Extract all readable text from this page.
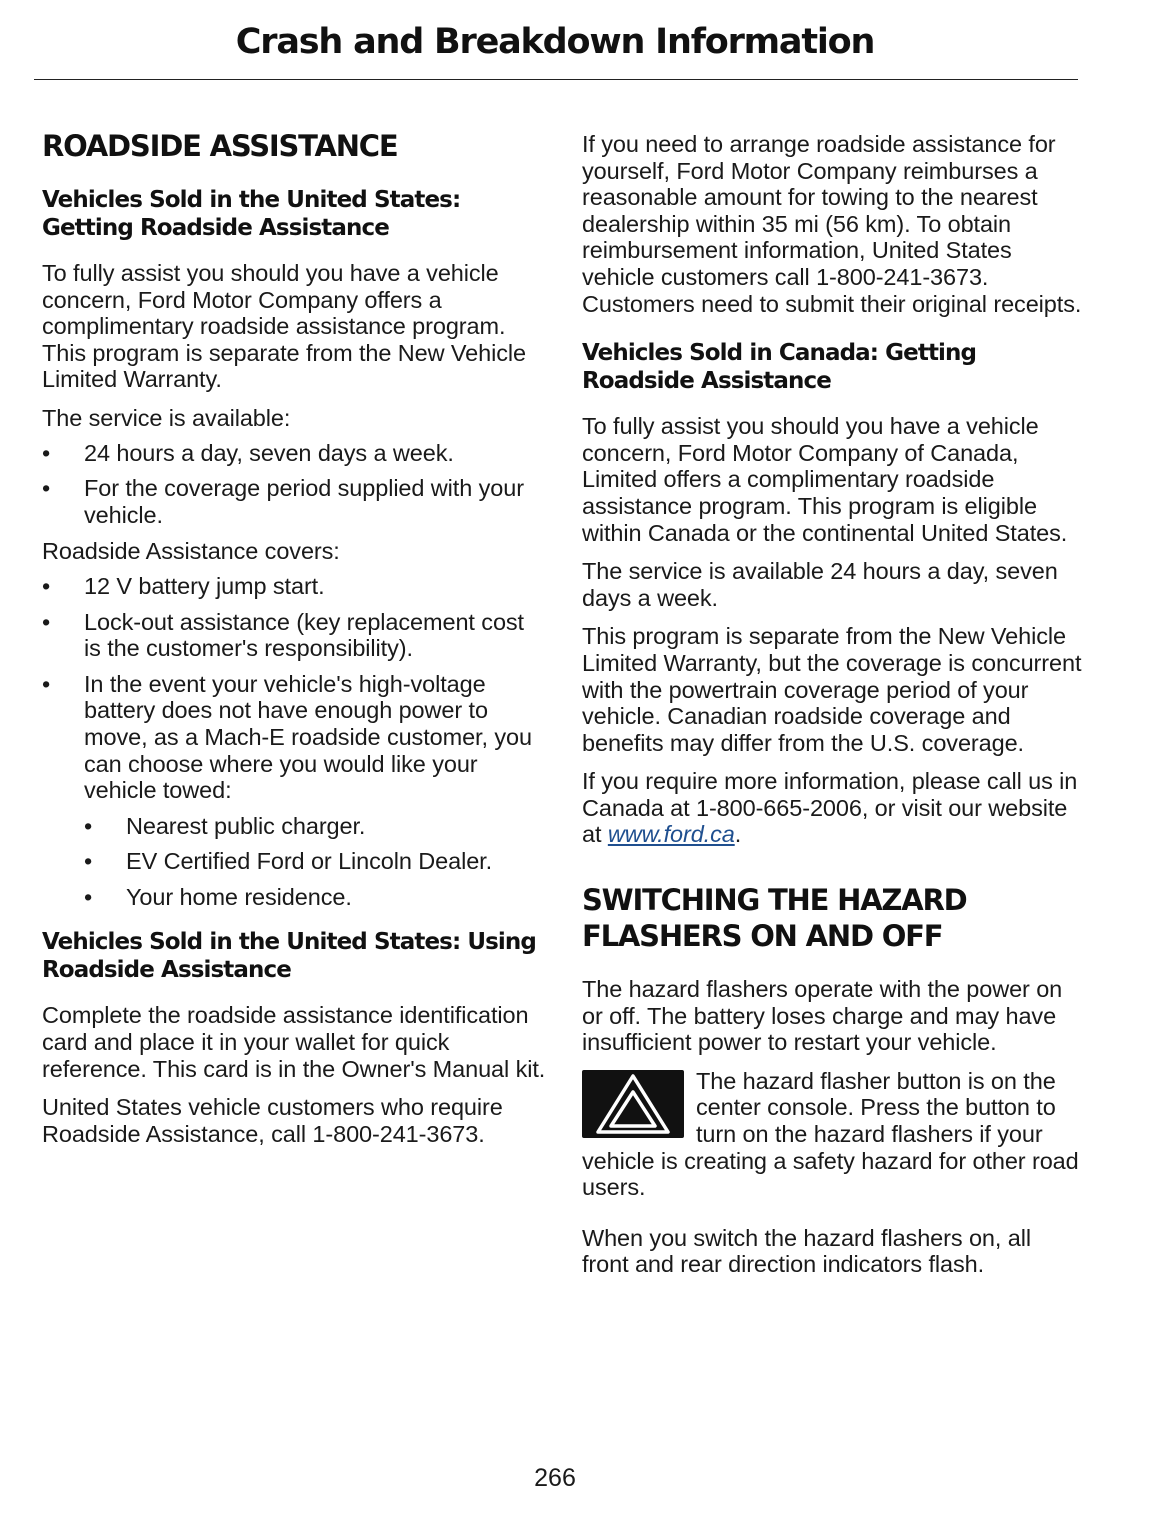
Crash and Breakdown Information
ROADSIDE ASSISTANCE
Vehicles Sold in the United States: Getting Roadside Assistance

To fully assist you should you have a vehicle concern, Ford Motor Company offers a complimentary roadside assistance program. This program is separate from the New Vehicle Limited Warranty.

The service is available:

•	24 hours a day, seven days a week.
•	For the coverage period supplied with your vehicle.

Roadside Assistance covers:

•	12 V battery jump start.
•	Lock-out assistance (key replacement cost is the customer's responsibility).
•	In the event your vehicle's high-voltage battery does not have enough power to move, as a Mach-E roadside customer, you can choose where you would like your vehicle towed:
•	Nearest public charger.
•	EV Certified Ford or Lincoln Dealer.
•	Your home residence.
Vehicles Sold in the United States: Using Roadside Assistance

Complete the roadside assistance identification card and place it in your wallet for quick reference. This card is in the Owner's Manual kit.

United States vehicle customers who require Roadside Assistance, call 1-800-241-3673.

If you need to arrange roadside assistance for yourself, Ford Motor Company reimburses a reasonable amount for towing to the nearest dealership within 35 mi (56 km). To obtain reimbursement information, United States vehicle customers call 1-800-241-3673. Customers need to submit their original receipts.

Vehicles Sold in Canada: Getting Roadside Assistance

To fully assist you should you have a vehicle concern, Ford Motor Company of Canada, Limited offers a complimentary roadside assistance program. This program is eligible within Canada or the continental United States.

The service is available 24 hours a day, seven days a week.

This program is separate from the New Vehicle Limited Warranty, but the coverage is concurrent with the powertrain coverage period of your vehicle. Canadian roadside coverage and benefits may differ from the U.S. coverage.

If you require more information, please call us in Canada at 1-800-665-2006, or visit our website at www.ford.ca.

SWITCHING THE HAZARD FLASHERS ON AND OFF

The hazard flashers operate with the power on or off. The battery loses charge and may have insufficient power to restart your vehicle.

The hazard flasher button is on the center console. Press the button to turn on the hazard flashers if your vehicle is creating a safety hazard for other road users.

When you switch the hazard flashers on, all front and rear direction indicators flash.

266
